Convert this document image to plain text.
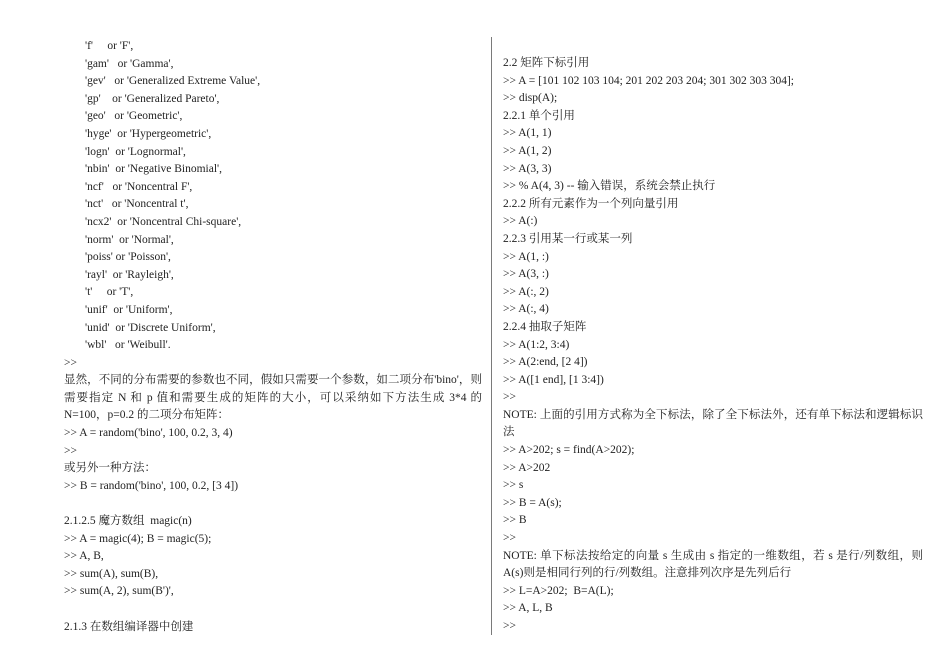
'f'     or 'F',
'gam'   or 'Gamma',
'gev'   or 'Generalized Extreme Value',
'gp'    or 'Generalized Pareto',
'geo'   or 'Geometric',
'hyge'  or 'Hypergeometric',
'logn'  or 'Lognormal',
'nbin'  or 'Negative Binomial',
'ncf'   or 'Noncentral F',
'nct'   or 'Noncentral t',
'ncx2'  or 'Noncentral Chi-square',
'norm'  or 'Normal',
'poiss' or 'Poisson',
'rayl'  or 'Rayleigh',
't'     or 'T',
'unif'  or 'Uniform',
'unid'  or 'Discrete Uniform',
'wbl'   or 'Weibull'.
>>
显然，不同的分布需要的参数也不同，假如只需要一个参数，如二项分布'bino'，则需要指定 N 和 p 值和需要生成的矩阵的大小，可以采纳如下方法生成 3*4 的 N=100，p=0.2 的二项分布矩阵：
>> A = random('bino', 100, 0.2, 3, 4)
>>
或另外一种方法：
>> B = random('bino', 100, 0.2, [3 4])
2.1.2.5 魔方数组  magic(n)
>> A = magic(4); B = magic(5);
>> A, B,
>> sum(A), sum(B),
>> sum(A, 2), sum(B')',
2.1.3 在数组编译器中创建
2.2 矩阵下标引用
>> A = [101 102 103 104; 201 202 203 204; 301 302 303 304];
>> disp(A);
2.2.1 单个引用
>> A(1, 1)
>> A(1, 2)
>> A(3, 3)
>> % A(4, 3) -- 输入错误，系统会禁止执行
2.2.2 所有元素作为一个列向量引用
>> A(:)
2.2.3 引用某一行或某一列
>> A(1, :)
>> A(3, :)
>> A(:, 2)
>> A(:, 4)
2.2.4 抽取子矩阵
>> A(1:2, 3:4)
>> A(2:end, [2 4])
>> A([1 end], [1 3:4])
>>
NOTE: 上面的引用方式称为全下标法，除了全下标法外，还有单下标法和逻辑标识法
>> A>202; s = find(A>202);
>> A>202
>> s
>> B = A(s);
>> B
>>
NOTE: 单下标法按给定的向量 s 生成由 s 指定的一维数组，若 s 是行/列数组，则 A(s)则是相同行列的行/列数组。注意排列次序是先列后行
>> L=A>202;  B=A(L);
>> A, L, B
>>
